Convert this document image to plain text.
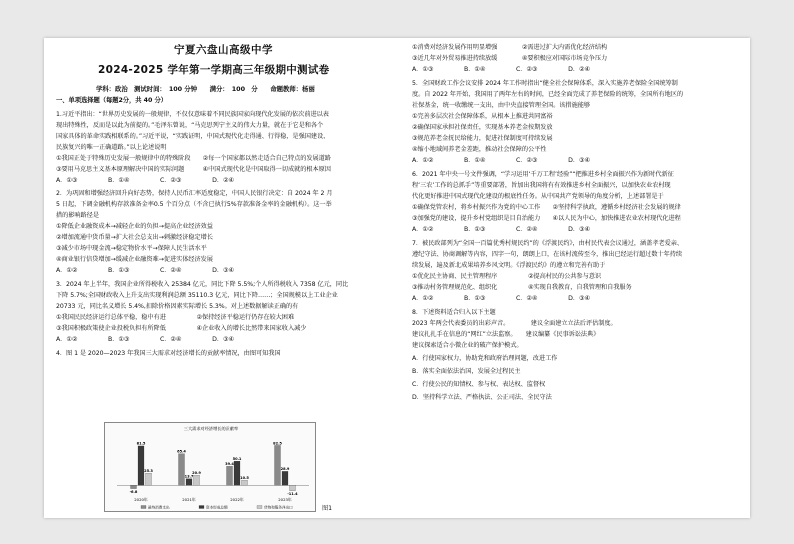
宁夏六盘山高级中学
2024-2025 学年第一学期高三年级期中测试卷
学科：政治　测试时间：　100 分钟　　满分：　100　分　　命题教师：杨丽
一、单项选择题（每题2分，共 40 分）
1.习近平指出：“世界历史发展的一般规律，不仅仅意味着不同民族国家向现代化发展的依次前进以表
现出特殊性，反而是以此为前提的。”毛泽东曾说，“马克思列宁主义的伟大力量，就在于它是和各个
国家具体的革命实践相联系的。”习近平说，“实践证明，中国式现代化走得通、行得稳，是强国建设、
民族复兴的唯一正确道路。”以上论述说明
①我国正处于特殊历史发展一般规律中的特殊阶段　　②每一个国家都以然走适合自己特点的发展道路
③要用马克思主义基本原理解决中国的实际问题　　　④中国式现代化是中国取得一切成就的根本原因
A．①③　　　　　B．①④　　　　　C．②③　　　　　D．②④
2．为巩固和增强经济回升向好态势，保持人民币汇率适度稳定，中国人民银行决定：自 2024 年 2 月
5 日起，下调金融机构存款准备金率0.5 个百分点（不含已执行5%存款准备金率的金融机构）。这一举
措的影响路径是
①降低企业融资成本→减轻企业的负担→提高企业经济效益
②增加流通中货币量→扩大社会总支出→刺激经济稳定增长
③减少市场中现金流→稳定物价水平→保障人民生活水平
④商业银行信贷增加→缓减企业融资难→促进实体经济发展
A．①②　　　　　B．①③　　　　　C．②④　　　　　D．③④
3．2024 年上半年，我国企业所得税收入 25384 亿元，同比下降 5.5%;个人所得税收入 7358 亿元，同比
下降 5.7%;全国财政收入上升支出实现利润总额 35110.3 亿元，同比下降……；全国规模以上工业企业
20733 元，同比名义增长 5.4%,扣除价格因素实际增长 5.3%。对上述数据解读正确的有
①我国民民经济运行总体平稳，稳中有进　　　　　②保持经济平稳运行仍存在较大困难
③我国积极政策使企业投税负担有所降低　　　　　④企业收入的增长比然带来国家收入减少
A．①②　　　　　B．①③　　　　　C．②④　　　　　D．③④
4．图 1 是 2020—2023 年我国三大需求对经济增长的贡献率情况，由图可知我国
三大需求对经济增长的贡献率
-6.8
81.5
25.3
2020年
65.4
13.7
20.9
2021年
39.4
50.1
10.5
2022年
82.5
28.9
-11.4
2023年
最终消费支出	资本形成总额	货物和服务净出口	图1
①消费对经济发展作用明显增强　　　　②需进过扩大内需优化经济结构
③近几年对外贸易推进持续放缓　　　　④要积极应对国际市场竞争压力
A．①③　　　　　B．①④　　　　　C．②③　　　　　D．②④
5．全国财政工作会议安排 2024 年工作时指出“健全社会保障体系，深入实施养老保险全国统筹制
度。自 2022 年开始，我国用了两年左右的时间，已经全面完成了养老保险的统筹，全国所有地区的
社保基金，统一收缴统一支出，由中央直接管理全国。该措施能够
①完善多层次社会保障体系，从根本上推进共同富裕
②确保国家承担社保责任，实现基本养老金按期发放
③规范养老金抚民给能力，促进社保制度可持续发展
④缩小地域间养老金差距，推动社会保障的公平性
A．①②　　　　　B．①④　　　　　C．②③　　　　　D．③④
6．2021 年中央一号文件强调，“学习运用‘千万工程’经验”“把推进乡村全面振兴作为新时代新征
程‘三农’工作的总抓手”等重要部署，旨加出我国将有有效推进乡村全面振兴，以加快农业农村现
代化更好推进中国式现代化建设的根底性任务。从中国共产党领导的角度分析，上述部署是于
①确保党管农村，将乡村振兴作为党的中心工作　　②坚持科学执政，遵循乡村经济社会发展的规律
③加强党的建设，提升乡村党组织是目自治能力　　④以人民为中心，加快推进农业农村现代化进程
A．①②　　　　　B．①③　　　　　C．②④　　　　　D．③④
7．被民政部列为“全国一百篇优秀村规民约”的《浮渡民约》，由村民代表会议通过，涵盖孝老爱亲、
遵纪守法、协商调解等内容，四字一句，朗朗上口，在该村流传至今，推出已经运行超过数十年持续
续发展，遍及新北成果培养乡风文明。《浮渡民约》的遵立和完善有助于
①优化民主协商、民主管理程序　　　　　②提高村民的公共参与意识
③推动村务管理规范化、组织化　　　　　④实现自我教育，自我管理和自我服务
A．①②　　　　　B．①③　　　　　C．②④　　　　　D．③④
8．下述资料适合归入以下主题
2023 年两会代表委员的出彩声音。　　　　建议全面建立立法后评估制度。
建议扎扎手在信息的“网红”立法监察。　　建议编纂《民事诉讼法典》
建议探索适合小微企业的破产保护模式。
A．行使国家权力，协助党和政府治理问题，改进工作
B．落实全面依法治国，发展全过程民主
C．行使公民的知情权、参与权、表达权、监督权
D．坚持科学立法、严格执法、公正司法、全民守法
